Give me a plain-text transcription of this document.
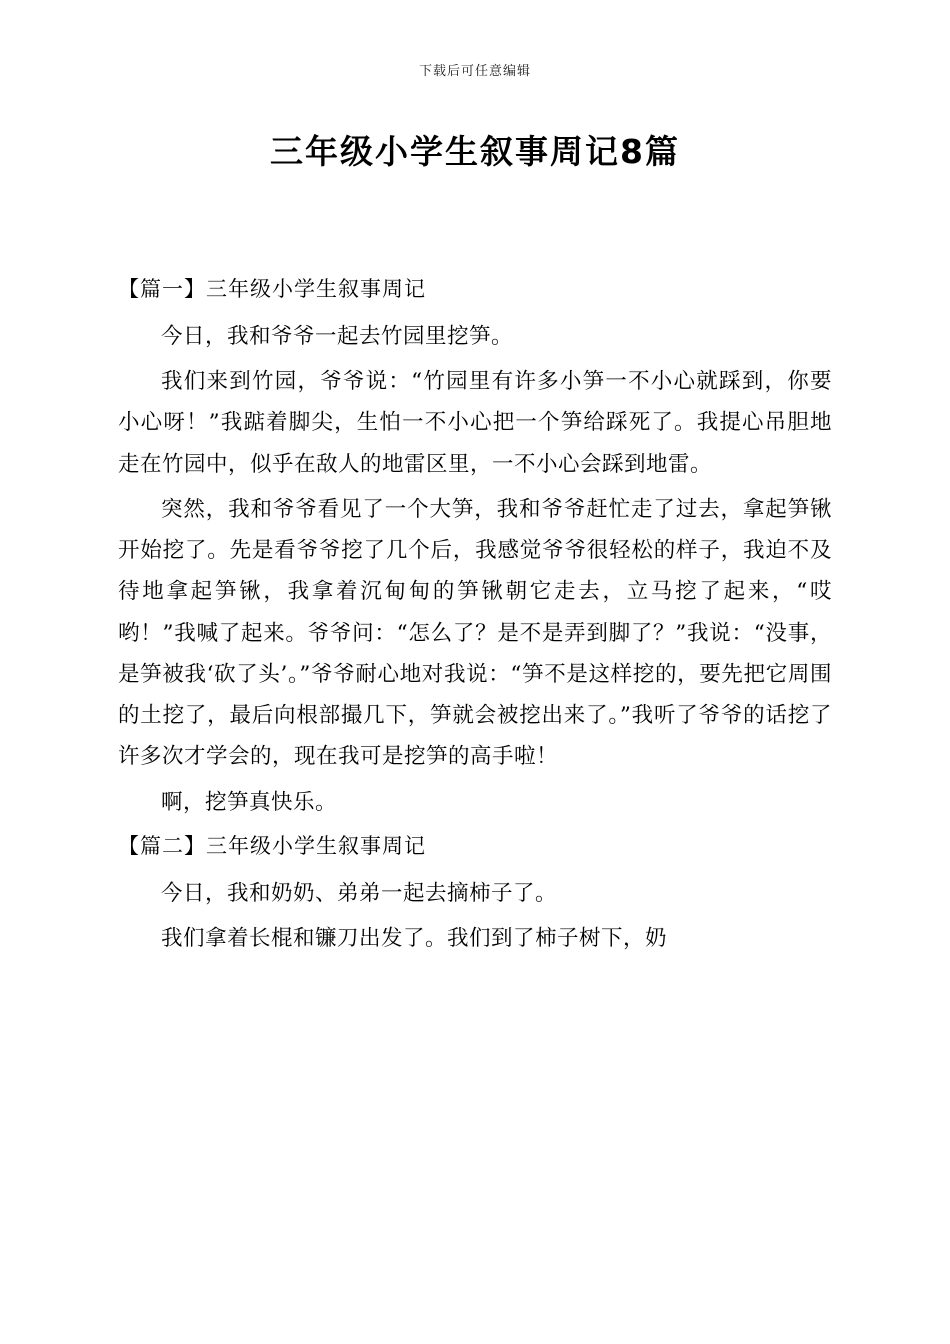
下载后可任意编辑
三年级小学生叙事周记8篇

【篇一】三年级小学生叙事周记

今日，我和爷爷一起去竹园里挖笋。

我们来到竹园，爷爷说：“竹园里有许多小笋一不小心就踩到，你要小心呀！”我踮着脚尖，生怕一不小心把一个笋给踩死了。我提心吊胆地走在竹园中，似乎在敌人的地雷区里，一不小心会踩到地雷。

突然，我和爷爷看见了一个大笋，我和爷爷赶忙走了过去，拿起笋锹开始挖了。先是看爷爷挖了几个后，我感觉爷爷很轻松的样子，我迫不及待地拿起笋锹，我拿着沉甸甸的笋锹朝它走去，立马挖了起来，“哎哟！”我喊了起来。爷爷问：“怎么了？是不是弄到脚了？”我说：“没事，是笋被我‘砍了头’。”爷爷耐心地对我说：“笋不是这样挖的，要先把它周围的土挖了，最后向根部撮几下，笋就会被挖出来了。”我听了爷爷的话挖了许多次才学会的，现在我可是挖笋的高手啦！

啊，挖笋真快乐。

【篇二】三年级小学生叙事周记

今日，我和奶奶、弟弟一起去摘柿子了。

我们拿着长棍和镰刀出发了。我们到了柿子树下，奶
